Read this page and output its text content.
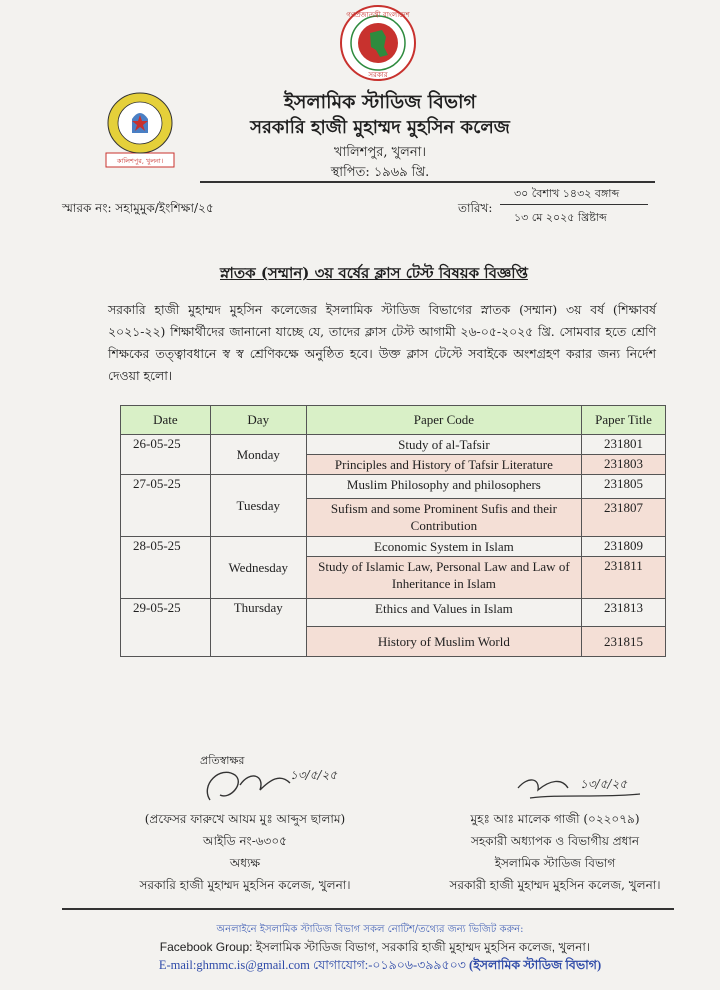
গণপ্রজাতন্ত্রী বাংলাদেশ
সরকার
কালিশপুর, খুলনা।

ইসলামিক স্টাডিজ বিভাগ

সরকারি হাজী মুহাম্মদ মুহসিন কলেজ

খালিশপুর, খুলনা।

স্থাপিত: ১৯৬৯ খ্রি.

স্মারক নং: সহামুমুক/ইংশিক্ষা/২৫	তারিখ:
৩০ বৈশাখ ১৪৩২ বঙ্গাব্দ
১৩ মে ২০২৫ খ্রিষ্টাব্দ
স্নাতক (সম্মান) ৩য় বর্ষের ক্লাস টেস্ট বিষয়ক বিজ্ঞপ্তি
সরকারি হাজী মুহাম্মদ মুহসিন কলেজের ইসলামিক স্টাডিজ বিভাগের স্নাতক (সম্মান) ৩য় বর্ষ (শিক্ষাবর্ষ ২০২১-২২) শিক্ষার্থীদের জানানো যাচ্ছে যে, তাদের ক্লাস টেস্ট আগামী ২৬-০৫-২০২৫ খ্রি. সোমবার হতে শ্রেণি শিক্ষকের তত্ত্বাবধানে স্ব স্ব শ্রেণিকক্ষে অনুষ্ঠিত হবে। উক্ত ক্লাস টেস্টে সবাইকে অংশগ্রহণ করার জন্য নির্দেশ দেওয়া হলো।
Date	Day	Paper Code	Paper Title
26-05-25	Monday	Study of al-Tafsir	231801
		Principles and History of Tafsir Literature	231803
27-05-25	Tuesday	Muslim Philosophy and philosophers	231805
		Sufism and some Prominent Sufis and their Contribution	231807
28-05-25	Wednesday	Economic System in Islam	231809
		Study of Islamic Law, Personal Law and Law of Inheritance in Islam	231811
29-05-25	Thursday	Ethics and Values in Islam	231813
		History of Muslim World	231815
প্রতিস্বাক্ষর
১৩/৫/২৫
(প্রফেসর ফারুখে আযম মুঃ আব্দুস ছালাম)
আইডি নং-৬৩০৫
অধ্যক্ষ
সরকারি হাজী মুহাম্মদ মুহসিন কলেজ, খুলনা।
১৩/৫/২৫
মুহঃ আঃ মালেক গাজী (০২২০৭৯)
সহকারী অধ্যাপক ও বিভাগীয় প্রধান
ইসলামিক স্টাডিজ বিভাগ
সরকারী হাজী মুহাম্মদ মুহসিন কলেজ, খুলনা।
অনলাইনে ইসলামিক স্টাডিজ বিভাগ সকল নোটিশ/তথ্যের জন্য ভিজিট করুন:
Facebook Group: ইসলামিক স্টাডিজ বিভাগ, সরকারি হাজী মুহাম্মদ মুহসিন কলেজ, খুলনা।
E-mail:ghmmc.is@gmail.com যোগাযোগ:-০১৯০৬-৩৯৯৫০৩ (ইসলামিক স্টাডিজ বিভাগ)
